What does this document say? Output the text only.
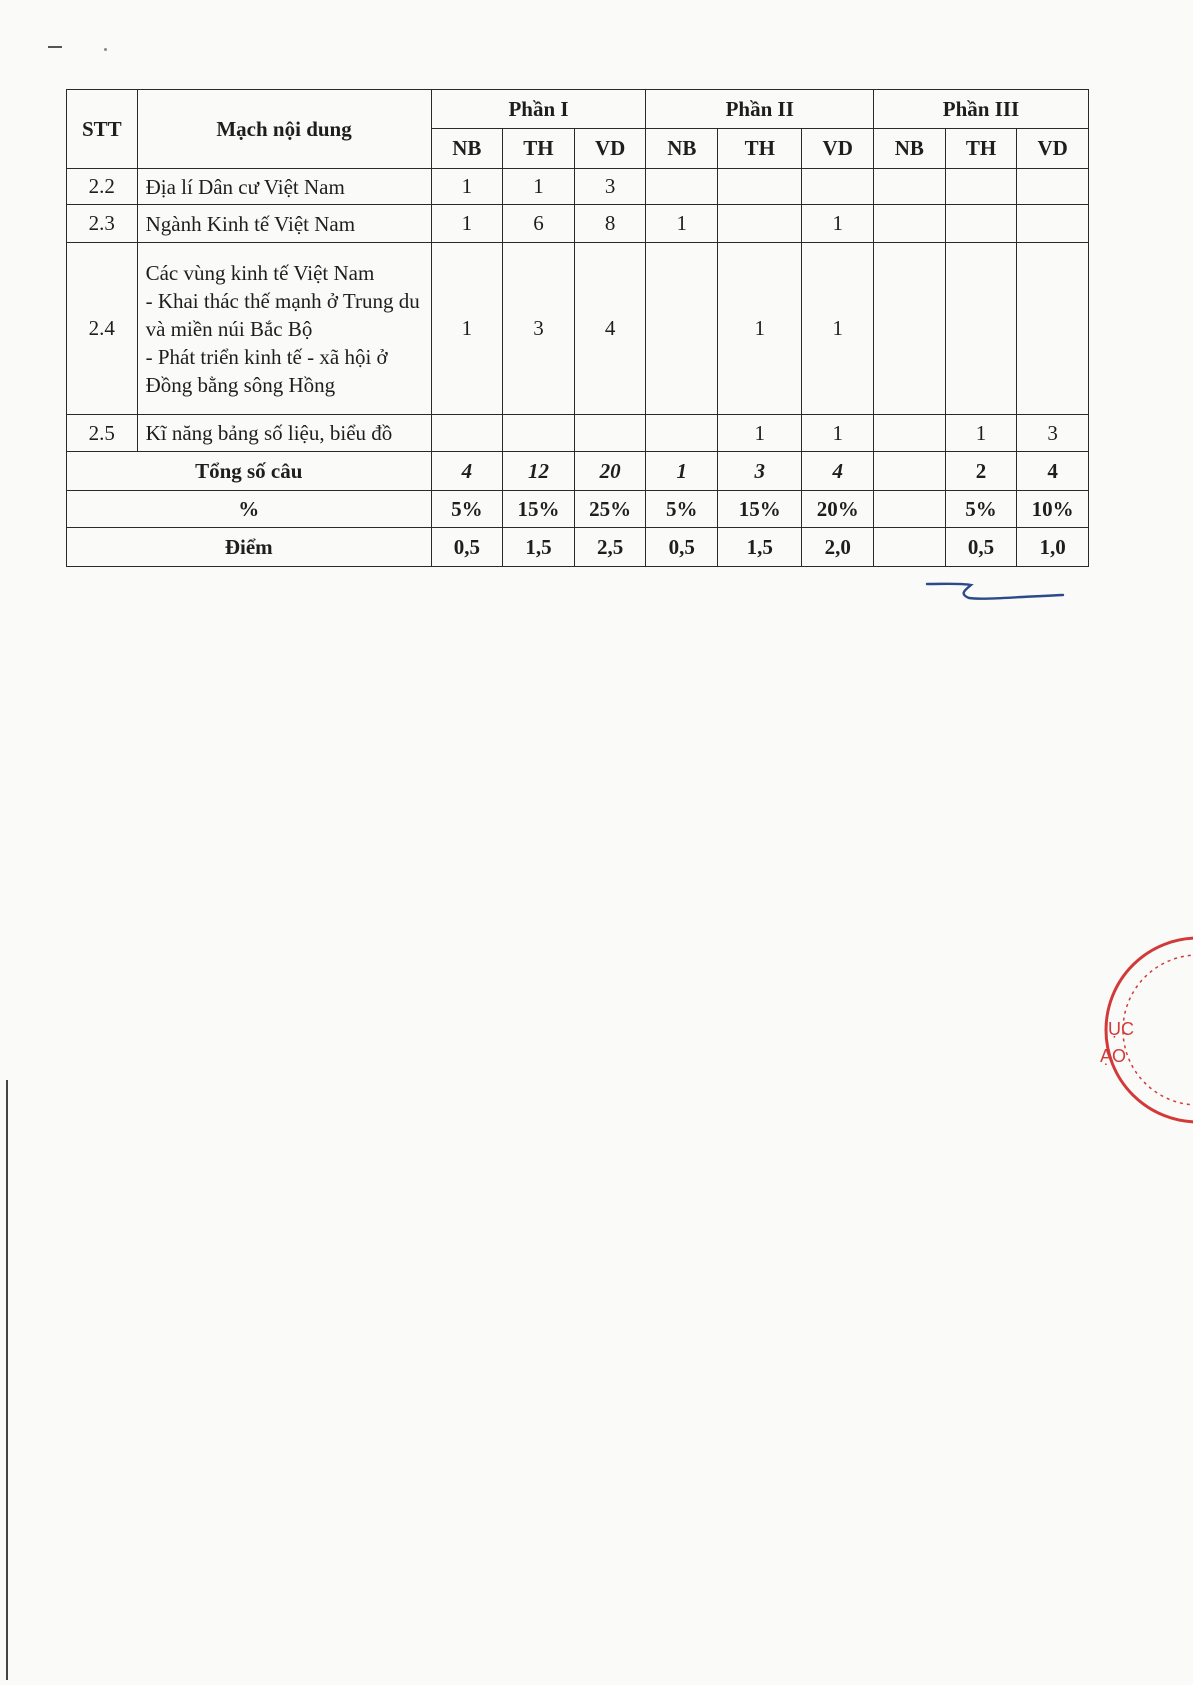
STT	Mạch nội dung	Phần I			Phần II			Phần III		
		NB	TH	VD	NB	TH	VD	NB	TH	VD
2.2	Địa lí Dân cư Việt Nam	1	1	3						
2.3	Ngành Kinh tế Việt Nam	1	6	8	1		1			
2.4	Các vùng kinh tế Việt Nam
- Khai thác thế mạnh ở Trung du và miền núi Bắc Bộ
- Phát triển kinh tế - xã hội ở Đồng bằng sông Hồng	1	3	4		1	1			
2.5	Kĩ năng bảng số liệu, biểu đồ					1	1		1	3
Tổng số câu		4	12	20	1	3	4		2	4
%		5%	15%	25%	5%	15%	20%		5%	10%
Điểm		0,5	1,5	2,5	0,5	1,5	2,0		0,5	1,0
ỤC
ẠO
